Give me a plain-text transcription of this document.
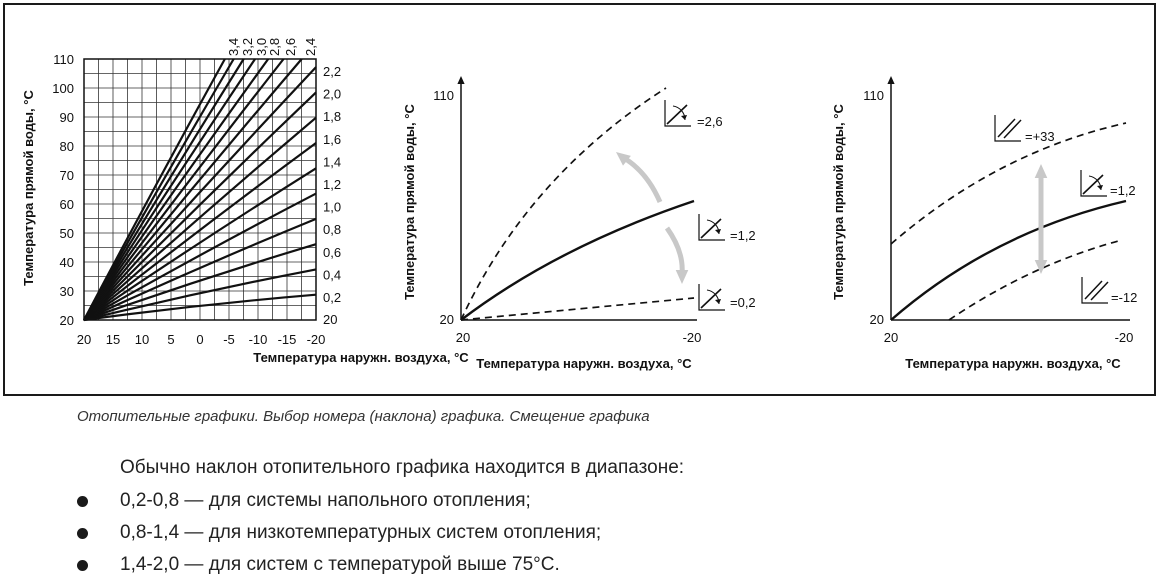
20
30
40
50
60
70
80
90
100
110
20 15 10 5 0 -5 -10 -15 -20
3,4 3,2 3,0
2,8 2,6 2,4
2,2
2,0
1,8
1,6
1,4
1,2
1,0
0,8
0,6
0,4
0,2
20
Температура наружн. воздуха, °С
Температура прямой воды, °С	=2,6
=1,2
=0,2
110
20
20	-20
Температура наружн. воздуха, °С
Температура прямой воды, °С	=+33
=1,2
=-12
110
20
20	-20
Температура наружн. воздуха, °С
Температура прямой воды, °С
Отопительные графики. Выбор номера (наклона) графика. Смещение графика
Обычно наклон отопительного графика находится в диапазоне:
0,2-0,8 — для системы напольного отопления;
0,8-1,4 — для низкотемпературных систем отопления;
1,4-2,0 — для систем с температурой выше 75°C.
